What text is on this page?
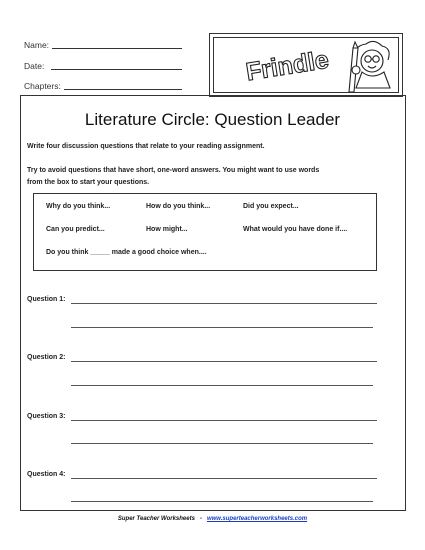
Name:
Date:
Chapters:	Frindle
Literature Circle: Question Leader
Write four discussion questions that relate to your reading assignment.
Try to avoid questions that have short, one-word answers. You might want to use words
from the box to start your questions.
Why do you think...	How do you think...	Did you expect...
Can you predict...	How might...	What would you have done if....
Do you think _____ made a good choice when....
Question 1:
Question 2:
Question 3:
Question 4:
Super Teacher Worksheets - www.superteacherworksheets.com
